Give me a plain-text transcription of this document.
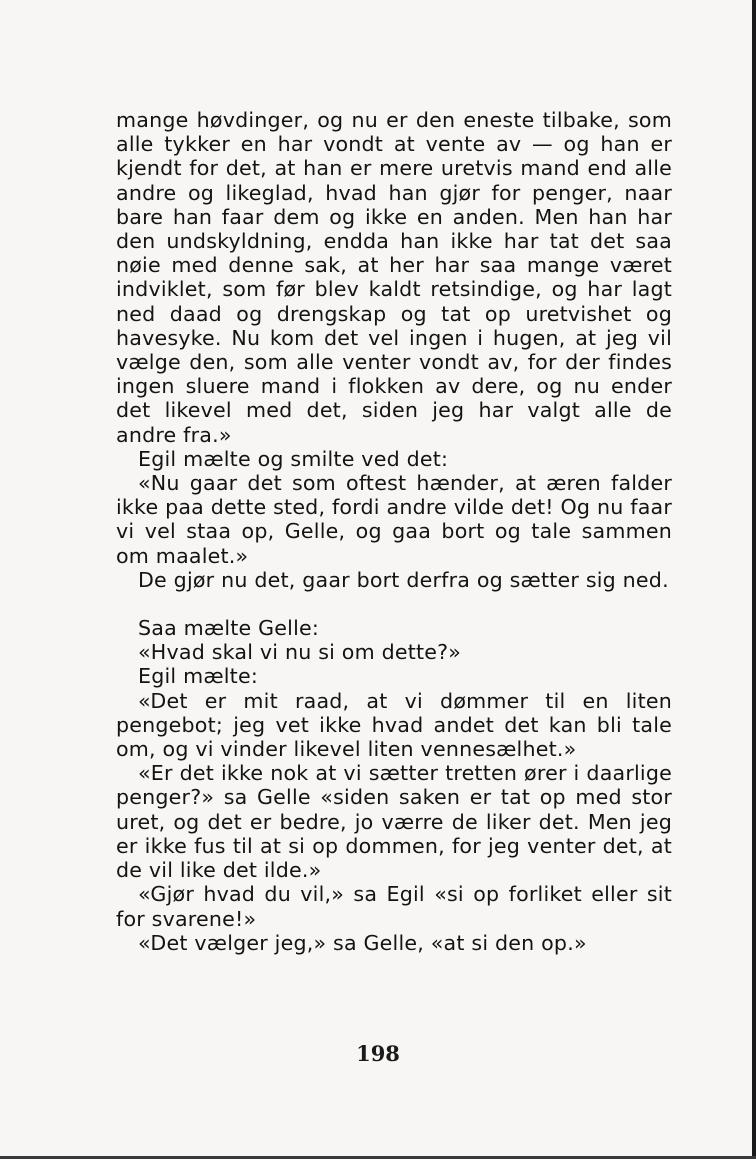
mange høvdinger, og nu er den eneste tilbake, som alle tykker en har vondt at vente av — og han er kjendt for det, at han er mere uretvis mand end alle andre og likeglad, hvad han gjør for penger, naar bare han faar dem og ikke en anden. Men han har den undskyldning, endda han ikke har tat det saa nøie med denne sak, at her har saa mange været indviklet, som før blev kaldt retsindige, og har lagt ned daad og drengskap og tat op uretvishet og havesyke. Nu kom det vel ingen i hugen, at jeg vil vælge den, som alle venter vondt av, for der findes ingen sluere mand i flokken av dere, og nu ender det likevel med det, siden jeg har valgt alle de andre fra.»

Egil mælte og smilte ved det:

«Nu gaar det som oftest hænder, at æren falder ikke paa dette sted, fordi andre vilde det! Og nu faar vi vel staa op, Gelle, og gaa bort og tale sammen om maalet.»

De gjør nu det, gaar bort derfra og sætter sig ned.

Saa mælte Gelle:

«Hvad skal vi nu si om dette?»

Egil mælte:

«Det er mit raad, at vi dømmer til en liten pengebot; jeg vet ikke hvad andet det kan bli tale om, og vi vinder likevel liten vennesælhet.»

«Er det ikke nok at vi sætter tretten ører i daarlige penger?» sa Gelle «siden saken er tat op med stor uret, og det er bedre, jo værre de liker det. Men jeg er ikke fus til at si op dommen, for jeg venter det, at de vil like det ilde.»

«Gjør hvad du vil,» sa Egil «si op forliket eller sit for svarene!»

«Det vælger jeg,» sa Gelle, «at si den op.»

198
